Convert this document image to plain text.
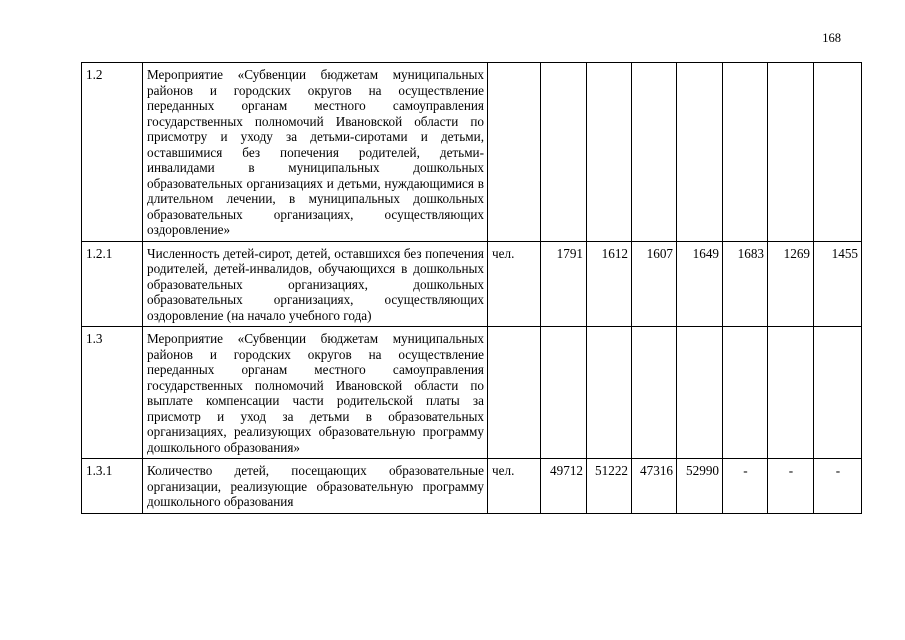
168
1.2	Мероприятие «Субвенции бюджетам муниципальных районов и городских округов на осуществление переданных органам местного самоуправления государственных полномочий Ивановской области по присмотру и уходу за детьми-сиротами и детьми, оставшимися без попечения родителей, детьми-инвалидами в муниципальных дошкольных образовательных организациях и детьми, нуждающимися в длительном лечении, в муниципальных дошкольных образовательных организациях, осуществляющих оздоровление»								
1.2.1	Численность детей-сирот, детей, оставшихся без попечения родителей, детей-инвалидов, обучающихся в дошкольных образовательных организациях, дошкольных образовательных организациях, осуществляющих оздоровление (на начало учебного года)	чел.	1791	1612	1607	1649	1683	1269	1455
1.3	Мероприятие «Субвенции бюджетам муниципальных районов и городских округов на осуществление переданных органам местного самоуправления государственных полномочий Ивановской области по выплате компенсации части родительской платы за присмотр и уход за детьми в образовательных организациях, реализующих образовательную программу дошкольного образования»								
1.3.1	Количество детей, посещающих образовательные организации, реализующие образовательную программу дошкольного образования	чел.	49712	51222	47316	52990	-	-	-
